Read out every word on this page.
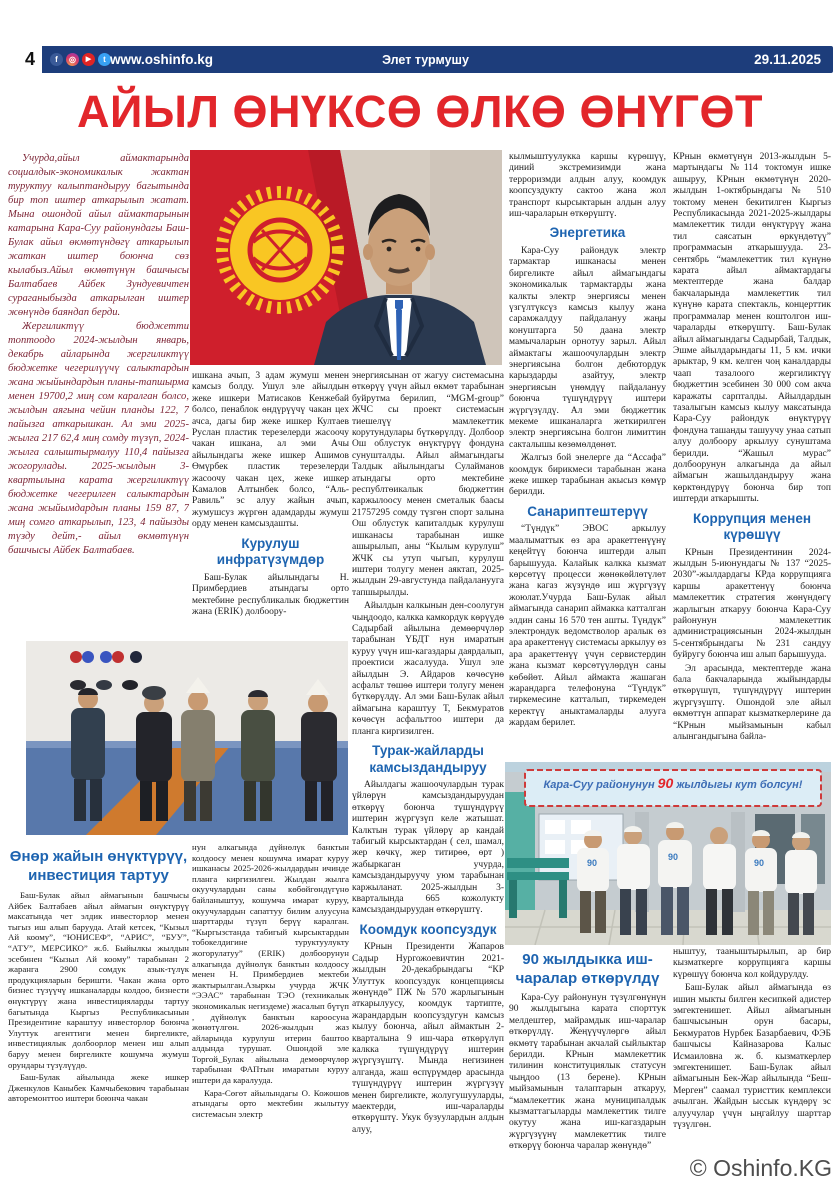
4	f	◎	▶	t www.oshinfo.kg	Элет турмушу	29.11.2025
АЙЫЛ ӨНҮКСӨ ӨЛКӨ ӨНҮГӨТ

Учурда,айыл аймактарында социалдык-экономикалык жактан туруктуу калыптандыруу багытында бир топ иштер аткарылып жатат. Мына ошондой айыл аймактарынын катарына Кара-Суу районундагы Баш-Булак айыл өкмөтүндөгү аткарылып жаткан иштер боюнча сөз кылабыз.Айыл өкмөтүнүн башчысы Балтабаев Айбек Зундуевичтен сураганыбызда аткарылган иштер жөнүндө баяндап берди.

Жергиликтүү бюджетти топтоодо 2024-жылдын январь, декабрь айларында жергиликтүү бюджетке чегерилүүчү салыктардын жана жыйындардын планы-тапшырма менен 19700,2 миң сом каралган болсо, жылдын аягына чейин планды 122, 7 пайызга аткарышкан. Ал эми 2025-жылга 217 62,4 миң сомду түзүп, 2024-жылга салыштырмалуу 110,4 пайызга жогорулады. 2025-жылдын 3-квартылына карата жергиликтүү бюджетке чегерилген салыктардын жана жыйымдардын планы 159 87, 7 миң сомго аткарылып, 123, 4 пайызды түзду дейт,- айыл өкмөтүнүн башчысы Айбек Балтабаев.

Өнөр жайын өнүктүрүү, инвестиция тартуу

Баш-Булак айыл аймагынын башчысы Айбек Балтабаев айыл аймагын өнүктүрүү максатында чет элдик инвесторлор менен тыгыз иш алып барууда. Атай кетсек, “Кызыл Ай коому”, “ЮНИСЕФ”, “АРИС”, “БУУ”, “АТУ”, МЕРСИКО” ж.б. Быйылкы жылдын эсебинен “Кызыл Ай коому” тарабынан 2 жаранга 2900 сомдук азык-түлүк продукцияларын беришти. Чакан жана орто бизнес түзүүчү ишканаларды колдоо, бизнести өнүктүрүү жана инвестицияларды тартуу багытында Кыргыз Республикасынын Президентине караштуу инвесторлор боюнча Улуттук агенттиги менен биргеликте, инвестициялык долбоорлор менен иш алып баруу менен биргеликте кошумча жумуш орундары түзүлүүдө.

Баш-Булак айылында жеке ишкер Дженкулов Каныбек Камчыбекович тарабынан авторемонттоо иштери боюнча чакан

ишкана ачып, 3 адам жумуш менен камсыз болду. Ушул эле айылдын жеке ишкери Матисаков Кенжебай болсо, пенаблок өндүрүүчү чакан цех ачса, дагы бир жеке ишкер Култаев Руслан пластик терезелерди жасоочу чакан ишкана, ал эми Ачы айылындагы жеке ишкер Ашимов Өмүрбек пластик терезелерди жасоочу чакан цех, жеке ишкер Камалов Алтынбек болсо, “Аль-Равиль” эс алуу жайын ачып, жумушсуз жүргөн адамдарды жумуш орду менен камсыздашты.

Курулуш инфратүзүмдөр

Баш-Булак айылындагы Н. Примбердиев атындагы орто мектебине республикалык бюджеттин жана (ERIK) долбоору-

нун алкагында дүйнөлүк банктын колдоосу менен кошумча имарат куруу ишканасы 2025-2026-жылдардын ичинде планга киргизилген. Жылдан жылга окуучулардын саны көбөйгөндүгүнө байланыштуу, кошумча имарат куруу, окуучулардын сапаттуу билим алуусуна шарттарды түзүп берүү каралган. “Кыргызстанда табигый кырсыктардын тобокелдигине туруктуулукту жогорулатуу” (ERIK) долбоорунун алкагында дүйнөлүк банктын колдоосу менен Н. Примбердиев мектеби жактырылган.Азыркы учурда ЖЧК “ЭЭАС” тарабынан ТЭО (техникалык экономикалык негиздеме) жасалып бүтүп , дүйнөлүк банктын кароосуна жөнөтүлгөн. 2026-жылдын жаз айларында курулуш итерин баштоо алдында турушат. Ошондой эле Торгой_Булак айылына демөөрчүлөр тарабынан ФАПтын имаратын куруу иштери да каралууда.

Кара-Сөгөт айылындагы О. Кожошов атындагы орто мектебин жылытуу системасын электр

энергиясынан от жагуу системасына өткөрүү үчүн айыл өкмөт тарабынан буйрутма берилип, “MGM-group” ЖЧС сы проект системасын тиешелүү мамлекеттик корутундулары бүткөрүлдү. Долбоор Ош облустук өнүктүрүү фондуна сунушталды. Айыл аймагындагы Талдык айылындагы Сулайманов атындагы орто мектебине республтөикалык бюджеттин каржылоосу менен сметалык баасы 21757295 сомду түзгөн спорт залына Ош облустук капиталдык курулуш ишканасы тарабынан ишке ашырылып, аны “Кылым курулуш” ЖЧК сы утуп чыгып, курулуш иштери толугу менен аяктап, 2025-жылдын 29-августунда пайдаланууга тапшырылды.

Айылдын калкынын ден-соолугун чыңдоодо, калкка камкордук көрүүдө Садырбай айылына демөөрчүлөр тарабынан ҮБДТ нун имаратын куруу үчүн иш-кагаздары даярдалып, проектиси жасалууда. Ушул эле айылдын Э. Айдаров көчөсүнө асфальт төшөө иштери толугу менен бүткөрүлдү. Ал эми Баш-Булак айыл аймагына караштуу Т, Бекмуратов көчөсүн асфальттоо иштери да планга киргизилген.

Турак-жайларды камсыздандыруу

Айылдагы жашоочулардын турак үйлөрүн камсыздандыруудан өткөрүү боюнча түшүндүрүү иштерин жүргүзүп келе жатышат. Калктын турак үйлөрү ар кандай табигый кырсыктардан ( сел, шамал, жер көчкү, жер титирөө, өрт ) жабыркаган учурда, камсыздандыруучу уюм тарабынан каржыланат. 2025-жылдын 3-кварталында 665 кожолукту камсыздандыруудан өткөрүштү.

Коомдук коопсуздук

КРнын Президенти Жапаров Садыр Нургожоевичтин 2021-жылдын 20-декабрындагы “КР Улуттук коопсуздук концепциясы жөнүндө” ПЖ № 570 жарлыгынын аткарылуусу, коомдук тартипте, жарандардын коопсуздугун камсыз кылуу боюнча, айыл аймактын 2-кварталына 9 иш-чара өткөрүлүп калкка түшүндүрүү иштерин жүргүзүштү. Мында негизинен алганда, жаш өспүрүмдөр арасында түшүндүрүү иштерин жүргүзүү менен биргеликте, жолугушууларды, маектерди, иш-чараларды өткөрүштү. Укук бузуулардын алдын алуу,

кылмыштуулукка каршы күрөшүү, диний экстремизимди жана терроризмди алдын алуу, коомдук коопсуздукту сактоо жана жол транспорт кырсыктарын алдын алуу иш-чараларын өткөрүштү.

Энергетика

Кара-Суу райондук электр тармактар ишканасы менен биргеликте айыл аймагындагы экономикалык тармактарды жана калкты электр энергиясы менен үзгүлтүксүз камсыз кылуу жана сарамжалдуу пайдалануу жаңы конуштарга 50 даана электр мамычаларын орнотуу зарыл. Айыл аймактагы жашоочулардын электр энергиясына болгон дебютордук карыздарды азайтуу, электр энергиясын үнөмдүү пайдалануу боюнча түшүндүрүү иштери жүргүзүлдү. Ал эми бюджеттик мекеме ишканаларга жеткирилген электр энергиясына болгон лимиттин сакталышы көзөмөлдөнөт.

Жалгыз бой энелерге да “Ассафа” коомдук бирикмеси тарабынан жана жеке ишкер тарабынан акысыз көмүр берилди.

Санариптештерүү

“Түндүк” ЭВОС аркылуу маалыматтык өз ара аракеттенүүнү кеңейтүү боюнча иштерди алып барышууда. Калайык калкка кызмат көрсөтүү процесси жөнөкөйлөтүлөт жана кагаз жүзүндө иш жүргүзүү жоюлат.Учурда Баш-Булак айыл аймагында санарип аймакка катталган элдин саны 16 570 тен ашты. Түндүк” электрондук ведомстволор аралык өз ара аракеттенүү системасы аркылуу өз ара аракеттенүү үчүн сервистердин жана кызмат көрсөтүүлөрдүн саны көбөйөт. Айыл аймакта жашаган жарандарга телефонуна “Түндүк” тиркемесине катталып, тиркемеден керектүү аныктамаларды алууга жардам берилет.

90
90
90
Кара-Суу районунун 90 жылдыгы кут болсун!
90 жылдыкка иш-чаралар өткөрүлдү

Кара-Суу районунун түзүлгөнүнүн 90 жылдыгына карата спорттук мелдештер, майрамдык иш-чаралар өткөрүлдү. Жеңүүчүлөргө айыл өкмөтү тарабынан акчалай сыйлыктар берилди. КРнын мамлекеттик тилинин конституциялык статусун чыңдоо (13 берене). КРнын мыйзамынын талаптарын аткаруу, “мамлекеттик жана муниципалдык кызматтагыларды мамлекеттик тилге окутуу жана иш-кагаздарын жүргүзүүнү мамлекеттик тилге өткөрүү боюнча чаралар жөнүндө”

КРнын өкмөтүнүн 2013-жылдын 5-мартындагы №114 токтомун ишке ашыруу, КРнын өкмөтүнүн 2020-жылдын 1-октябрындагы № 510 токтому менен бекитилген Кыргыз Республикасында 2021-2025-жылдары мамлекеттик тилди өнүктүрүү жана тил саясатын өркүндөтүү” программасын аткарышууда. 23-сентябрь “мамлекеттик тил күнүнө карата айыл аймактардагы мектептерде жана балдар бакчаларында мамлекеттик тил күнүнө карата спектакль, концерттик программалар менен коштолгон иш-чараларды өткөрүштү. Баш-Булак айыл аймагындагы Садырбай, Талдык, Эшме айылдарындагы 11, 5 км. ички арыктар, 9 км. келген чоң каналдарды чаап тазалоого жергиликтүү бюджеттин эсебинен 30 000 сом акча каражаты сарпталды. Айылдардын тазалыгын камсыз кылуу максатында Кара-Суу райондук өнүктүрүү фондуна ташанды ташуучу унаа сатып алуу долбоору аркылуу сунуштама берилди. “Жашыл мурас” долбоорунун алкагында да айыл аймагын жашылдандыруу жана көрктөндүрүү боюнча бир топ иштерди аткарышты.

Коррупция менен күрөшүү

КРнын Президентинин 2024-жылдын 5-июнундагы № 137 “2025-2030”-жылдардагы КРда коррупцияга каршы аракеттенүү боюнча мамлекеттик стратегия жөнүндөгү жарлыгын аткаруу боюнча Кара-Суу районунун мамлекеттик администрациясынын 2024-жылдын 5-сентябрындагы №231 сандуу буйругу боюнча иш алып барышууда.

Эл арасында, мектептерде жана бала бакчаларында жыйындарды өткөрүшүп, түшүндүрүү иштерин жүргүзүштү. Ошондой эле айыл өкмөттүн аппарат кызматкерлерине да “КРнын мыйзамынын кабыл алынгандыгына байла-

ныштуу, тааныштырылып, ар бир кызматкерге коррупцияга каршы күрөшүү боюнча кол койдурулду.

Баш-Булак айыл аймагында өз ишин мыкты билген кесипкөй адистер эмгектенишет. Айыл аймагынын башчысынын орун басары, Бекмуратов Нурбек Базарбаевич, ФЭБ башчысы Кайназарова Калыс Исмаиловна ж. б. кызматкерлер эмгектенишет. Баш-Булак айыл аймагынын Бек-Жар айылында “Беш-Мерген” саамал туристтик кемплекси ачылган. Жайдын ыссык күндөрү эс алуучулар үчүн ыңгайлуу шарттар түзүлгөн.

© Oshinfo.KG
